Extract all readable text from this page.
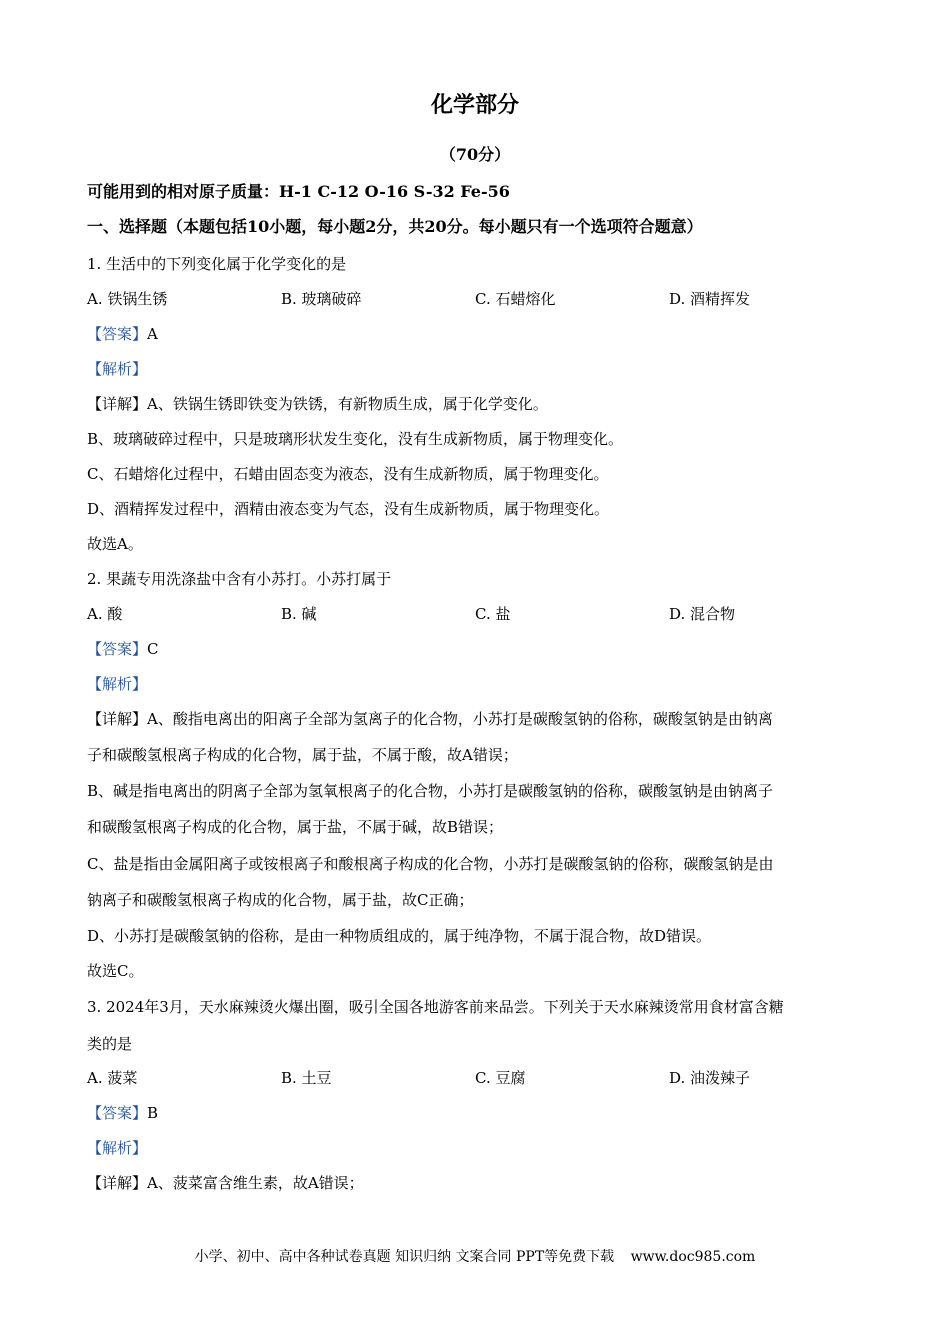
化学部分
（70分）
可能用到的相对原子质量：H-1 C-12 O-16 S-32 Fe-56
一、选择题（本题包括10小题，每小题2分，共20分。每小题只有一个选项符合题意）
1. 生活中的下列变化属于化学变化的是
A. 铁锅生锈	B. 玻璃破碎	C. 石蜡熔化	D. 酒精挥发
【答案】A
【解析】
【详解】A、铁锅生锈即铁变为铁锈，有新物质生成，属于化学变化。
B、玻璃破碎过程中，只是玻璃形状发生变化，没有生成新物质，属于物理变化。
C、石蜡熔化过程中，石蜡由固态变为液态，没有生成新物质，属于物理变化。
D、酒精挥发过程中，酒精由液态变为气态，没有生成新物质，属于物理变化。
故选A。
2. 果蔬专用洗涤盐中含有小苏打。小苏打属于
A. 酸	B. 碱	C. 盐	D. 混合物
【答案】C
【解析】
【详解】A、酸指电离出的阳离子全部为氢离子的化合物，小苏打是碳酸氢钠的俗称，碳酸氢钠是由钠离
子和碳酸氢根离子构成的化合物，属于盐，不属于酸，故A错误；
B、碱是指电离出的阴离子全部为氢氧根离子的化合物，小苏打是碳酸氢钠的俗称，碳酸氢钠是由钠离子
和碳酸氢根离子构成的化合物，属于盐，不属于碱，故B错误；
C、盐是指由金属阳离子或铵根离子和酸根离子构成的化合物，小苏打是碳酸氢钠的俗称，碳酸氢钠是由
钠离子和碳酸氢根离子构成的化合物，属于盐，故C正确；
D、小苏打是碳酸氢钠的俗称，是由一种物质组成的，属于纯净物，不属于混合物，故D错误。
故选C。
3. 2024年3月，天水麻辣烫火爆出圈，吸引全国各地游客前来品尝。下列关于天水麻辣烫常用食材富含糖
类的是
A. 菠菜	B. 土豆	C. 豆腐	D. 油泼辣子
【答案】B
【解析】
【详解】A、菠菜富含维生素，故A错误；
小学、初中、高中各种试卷真题 知识归纳 文案合同 PPT等免费下载 www.doc985.com
